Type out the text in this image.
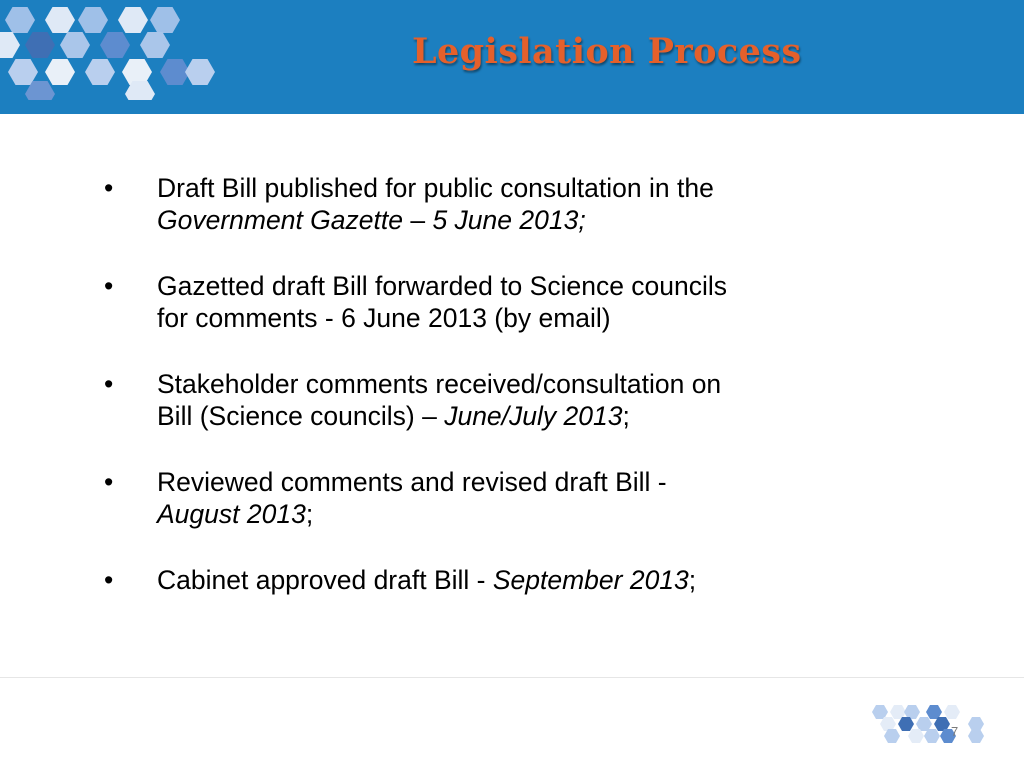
Legislation Process
• Draft Bill published for public consultation in the
Government Gazette – 5 June 2013;
• Gazetted draft Bill forwarded to Science councils
for comments - 6 June 2013 (by email)
• Stakeholder comments received/consultation on
Bill (Science councils) – June/July 2013;
• Reviewed comments and revised draft Bill -
August 2013;
• Cabinet approved draft Bill - September 2013;
7
